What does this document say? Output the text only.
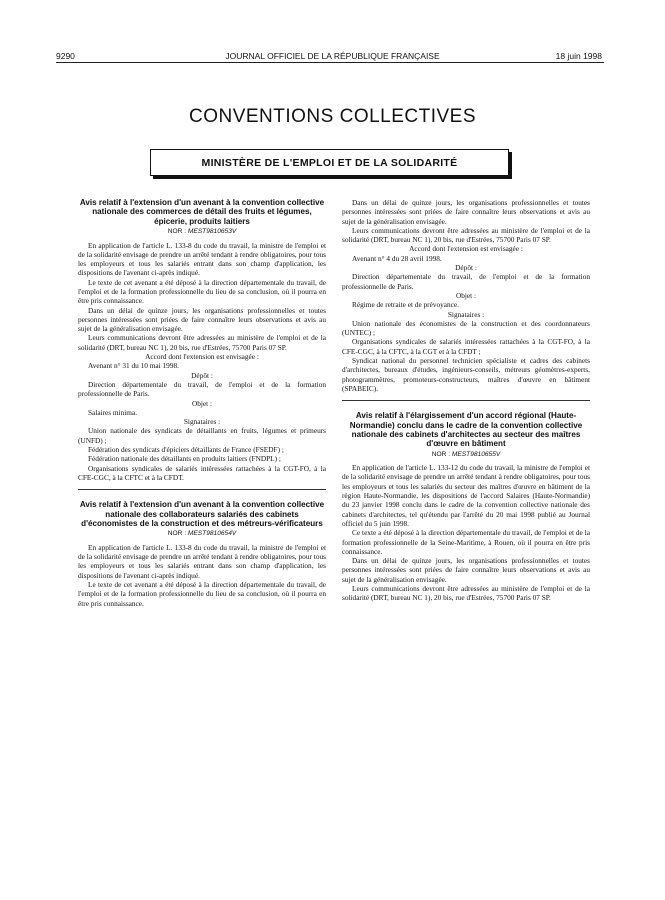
9290	JOURNAL OFFICIEL DE LA RÉPUBLIQUE FRANÇAISE	18 juin 1998
CONVENTIONS COLLECTIVES
MINISTÈRE DE L'EMPLOI ET DE LA SOLIDARITÉ
Avis relatif à l'extension d'un avenant à la convention collective nationale des commerces de détail des fruits et légumes, épicerie, produits laitiers
NOR : MEST9810653V

En application de l'article L. 133-8 du code du travail, la ministre de l'emploi et de la solidarité envisage de prendre un arrêté tendant à rendre obligatoires, pour tous les employeurs et tous les salariés entrant dans son champ d'application, les dispositions de l'avenant ci-après indiqué.

Le texte de cet avenant a été déposé à la direction départementale du travail, de l'emploi et de la formation professionnelle du lieu de sa conclusion, où il pourra en être pris connaissance.

Dans un délai de quinze jours, les organisations professionnelles et toutes personnes intéressées sont priées de faire connaître leurs observations et avis au sujet de la généralisation envisagée.

Leurs communications devront être adressées au ministère de l'emploi et de la solidarité (DRT, bureau NC 1), 20 bis, rue d'Estrées, 75700 Paris 07 SP.

Accord dont l'extension est envisagée :

Avenant n° 31 du 10 mai 1998.

Dépôt :

Direction départementale du travail, de l'emploi et de la formation professionnelle de Paris.

Objet :

Salaires minima.

Signataires :

Union nationale des syndicats de détaillants en fruits, légumes et primeurs (UNFD) ;

Fédération des syndicats d'épiciers détaillants de France (FSEDF) ;

Fédération nationale des détaillants en produits laitiers (FNDPL) ;

Organisations syndicales de salariés intéressées rattachées à la CGT-FO, à la CFE-CGC, à la CFTC et à la CFDT.

Avis relatif à l'extension d'un avenant à la convention collective nationale des collaborateurs salariés des cabinets d'économistes de la construction et des métreurs-vérificateurs
NOR : MEST9810654V

En application de l'article L. 133-8 du code du travail, la ministre de l'emploi et de la solidarité envisage de prendre un arrêté tendant à rendre obligatoires, pour tous les employeurs et tous les salariés entrant dans son champ d'application, les dispositions de l'avenant ci-après indiqué.

Le texte de cet avenant a été déposé à la direction départementale du travail, de l'emploi et de la formation professionnelle du lieu de sa conclusion, où il pourra en être pris connaissance.

Dans un délai de quinze jours, les organisations professionnelles et toutes personnes intéressées sont priées de faire connaître leurs observations et avis au sujet de la généralisation envisagée.

Leurs communications devront être adressées au ministère de l'emploi et de la solidarité (DRT, bureau NC 1), 20 bis, rue d'Estrées, 75700 Paris 07 SP.

Accord dont l'extension est envisagée :

Avenant n° 4 du 28 avril 1998.

Dépôt :

Direction départementale du travail, de l'emploi et de la formation professionnelle de Paris.

Objet :

Régime de retraite et de prévoyance.

Signataires :

Union nationale des économistes de la construction et des coordonnateurs (UNTEC) ;

Organisations syndicales de salariés intéressées rattachées à la CGT-FO, à la CFE-CGC, à la CFTC, à la CGT et à la CFDT ;

Syndicat national du personnel technicien spécialiste et cadres des cabinets d'architectes, bureaux d'études, ingénieurs-conseils, métreurs géomètres-experts, photogrammètres, promoteurs-constructeurs, maîtres d'œuvre en bâtiment (SPABEIC).

Avis relatif à l'élargissement d'un accord régional (Haute-Normandie) conclu dans le cadre de la convention collective nationale des cabinets d'architectes au secteur des maîtres d'œuvre en bâtiment
NOR : MEST9810655V

En application de l'article L. 133-12 du code du travail, la ministre de l'emploi et de la solidarité envisage de prendre un arrêté tendant à rendre obligatoires, pour tous les employeurs et tous les salariés du secteur des maîtres d'œuvre en bâtiment de la région Haute-Normandie, les dispositions de l'accord Salaires (Haute-Normandie) du 23 janvier 1998 conclu dans le cadre de la convention collective nationale des cabinets d'architectes, tel qu'étendu par l'arrêté du 20 mai 1998 publié au Journal officiel du 5 juin 1998.

Ce texte a été déposé à la direction départementale du travail, de l'emploi et de la formation professionnelle de la Seine-Maritime, à Rouen, où il pourra en être pris connaissance.

Dans un délai de quinze jours, les organisations professionnelles et toutes personnes intéressées sont priées de faire connaître leurs observations et avis au sujet de la généralisation envisagée.

Leurs communications devront être adressées au ministère de l'emploi et de la solidarité (DRT, bureau NC 1), 20 bis, rue d'Estrées, 75700 Paris 07 SP.
